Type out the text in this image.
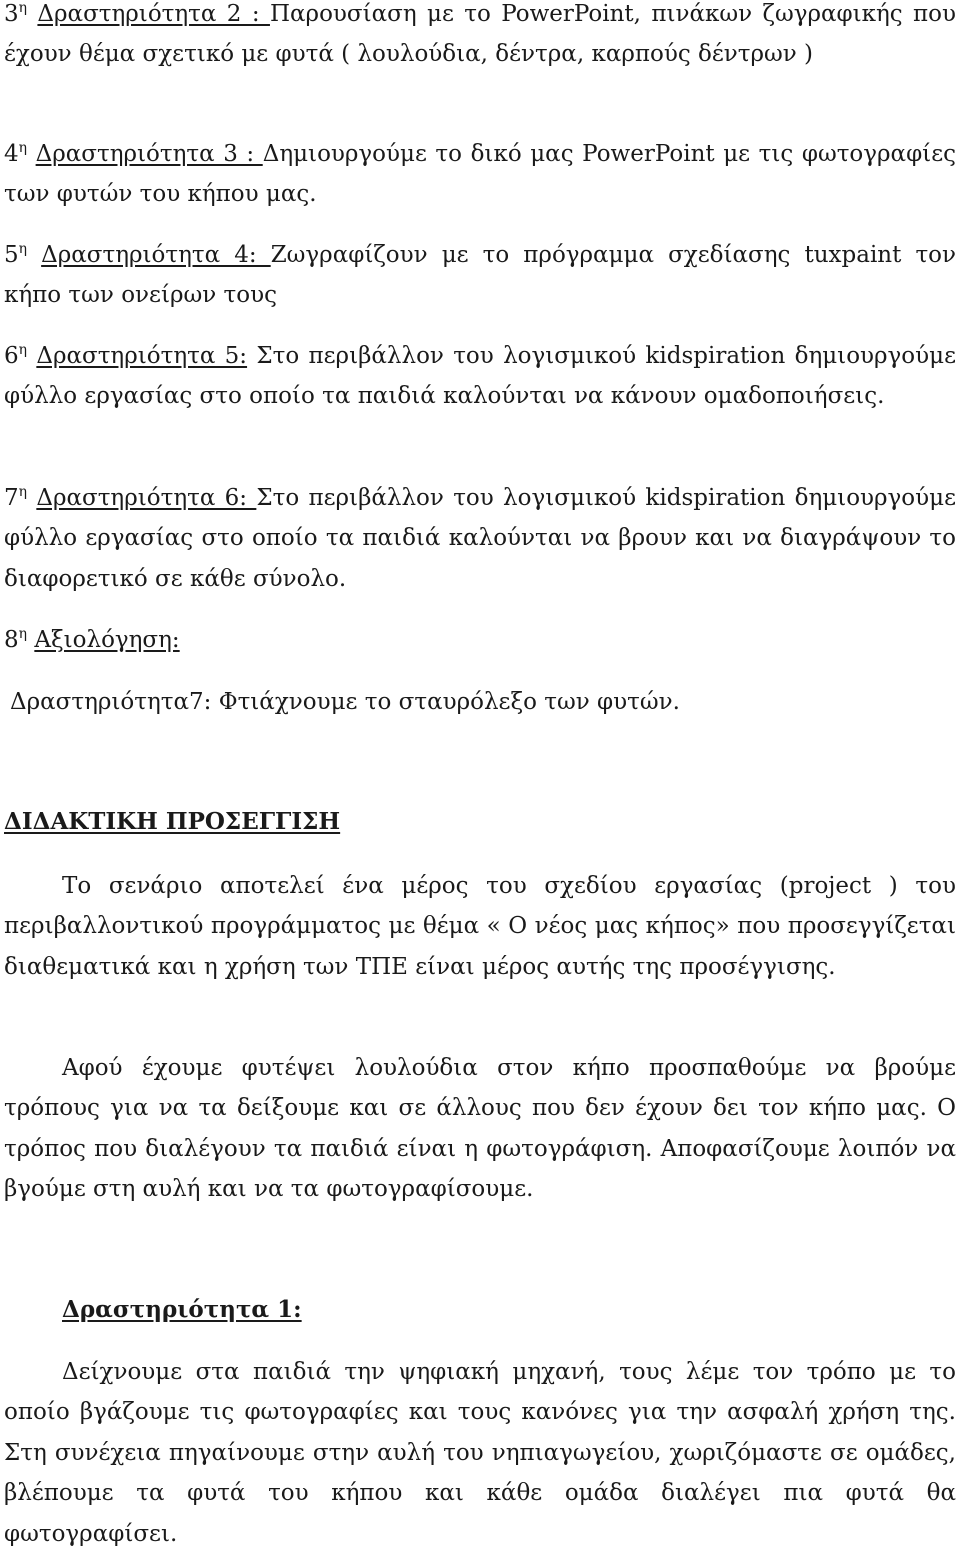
$3^\eta$ Δραστηριότητα 2 : Παρουσίαση με το PowerPoint, πινάκων ζωγραφικής που έχουν θέμα σχετικό με φυτά ( λουλούδια, δέντρα, καρπούς δέντρων )

$4^\eta$ Δραστηριότητα 3 : Δημιουργούμε το δικό μας PowerPoint με τις φωτογραφίες των φυτών του κήπου μας.

$5^\eta$ Δραστηριότητα 4: Ζωγραφίζουν με το πρόγραμμα σχεδίασης tuxpaint τον κήπο των ονείρων τους

$6^\eta$ Δραστηριότητα 5: Στο περιβάλλον του λογισμικού kidspiration δημιουργούμε φύλλο εργασίας στο οποίο τα παιδιά καλούνται να κάνουν ομαδοποιήσεις.

$7^\eta$ Δραστηριότητα 6: Στο περιβάλλον του λογισμικού kidspiration δημιουργούμε φύλλο εργασίας στο οποίο τα παιδιά καλούνται να βρουν και να διαγράψουν το διαφορετικό σε κάθε σύνολο.

$8^\eta$ Αξιολόγηση:

Δραστηριότητα7: Φτιάχνουμε το σταυρόλεξο των φυτών.

ΔΙΔΑΚΤΙΚΗ ΠΡΟΣΕΓΓΙΣΗ

Το σενάριο αποτελεί ένα μέρος του σχεδίου εργασίας (project ) του περιβαλλοντικού προγράμματος με θέμα « Ο νέος μας κήπος» που προσεγγίζεται διαθεματικά και η χρήση των ΤΠΕ είναι μέρος αυτής της προσέγγισης.

Αφού έχουμε φυτέψει λουλούδια στον κήπο προσπαθούμε να βρούμε τρόπους για να τα δείξουμε και σε άλλους που δεν έχουν δει τον κήπο μας. Ο τρόπος που διαλέγουν τα παιδιά είναι η φωτογράφιση. Αποφασίζουμε λοιπόν να βγούμε στη αυλή και να τα φωτογραφίσουμε.

Δραστηριότητα 1:

Δείχνουμε στα παιδιά την ψηφιακή μηχανή, τους λέμε τον τρόπο με το οποίο βγάζουμε τις φωτογραφίες και τους κανόνες για την ασφαλή χρήση της. Στη συνέχεια πηγαίνουμε στην αυλή του νηπιαγωγείου, χωριζόμαστε σε ομάδες, βλέπουμε τα φυτά του κήπου και κάθε ομάδα διαλέγει πια φυτά θα φωτογραφίσει.
